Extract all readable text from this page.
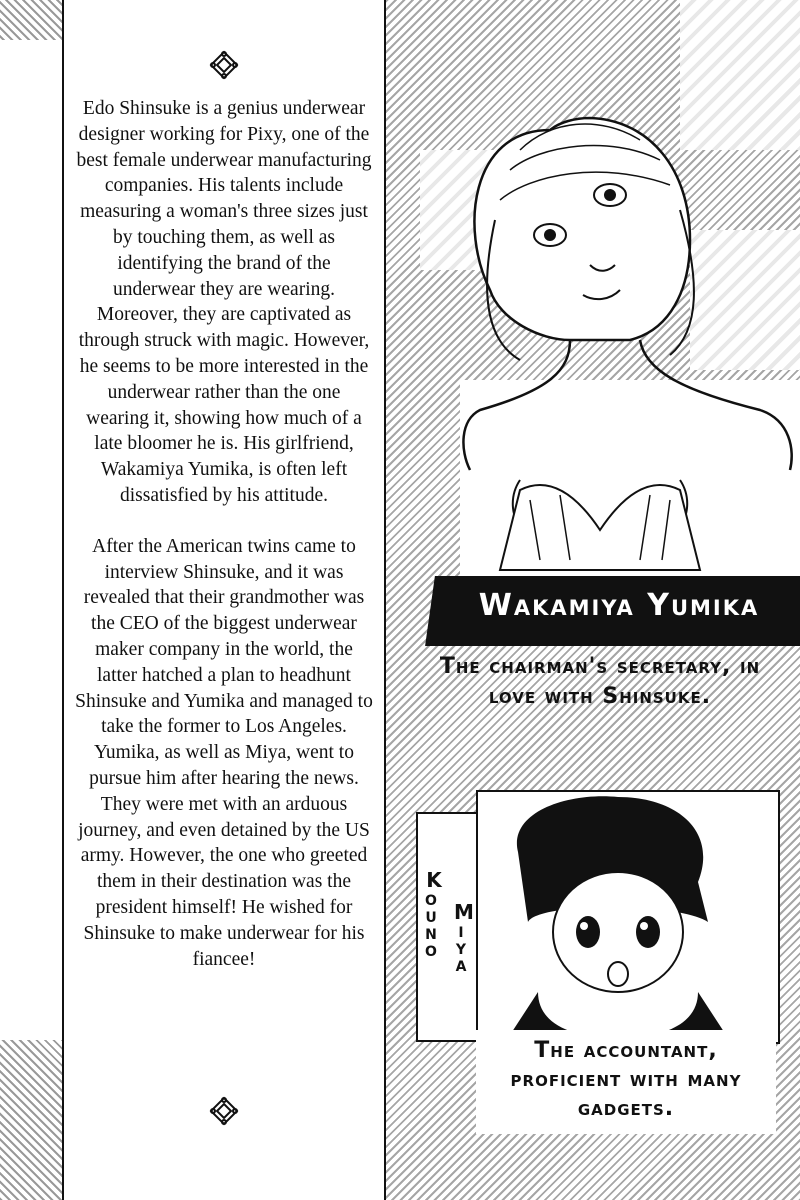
Edo Shinsuke is a genius underwear designer working for Pixy, one of the best female underwear manufacturing companies. His talents include measuring a woman's three sizes just by touching them, as well as identifying the brand of the underwear they are wearing. Moreover, they are captivated as through struck with magic. However, he seems to be more interested in the underwear rather than the one wearing it, showing how much of a late bloomer he is. His girlfriend, Wakamiya Yumika, is often left dissatisfied by his attitude.

After the American twins came to interview Shinsuke, and it was revealed that their grandmother was the CEO of the biggest underwear maker company in the world, the latter hatched a plan to headhunt Shinsuke and Yumika and managed to take the former to Los Angeles. Yumika, as well as Miya, went to pursue him after hearing the news. They were met with an arduous journey, and even detained by the US army. However, the one who greeted them in their destination was the president himself! He wished for Shinsuke to make underwear for his fiancee!

Wakamiya Yumika
The chairman's secretary, in love with Shinsuke.
Kouno Miya
The accountant, proficient with many gadgets.
